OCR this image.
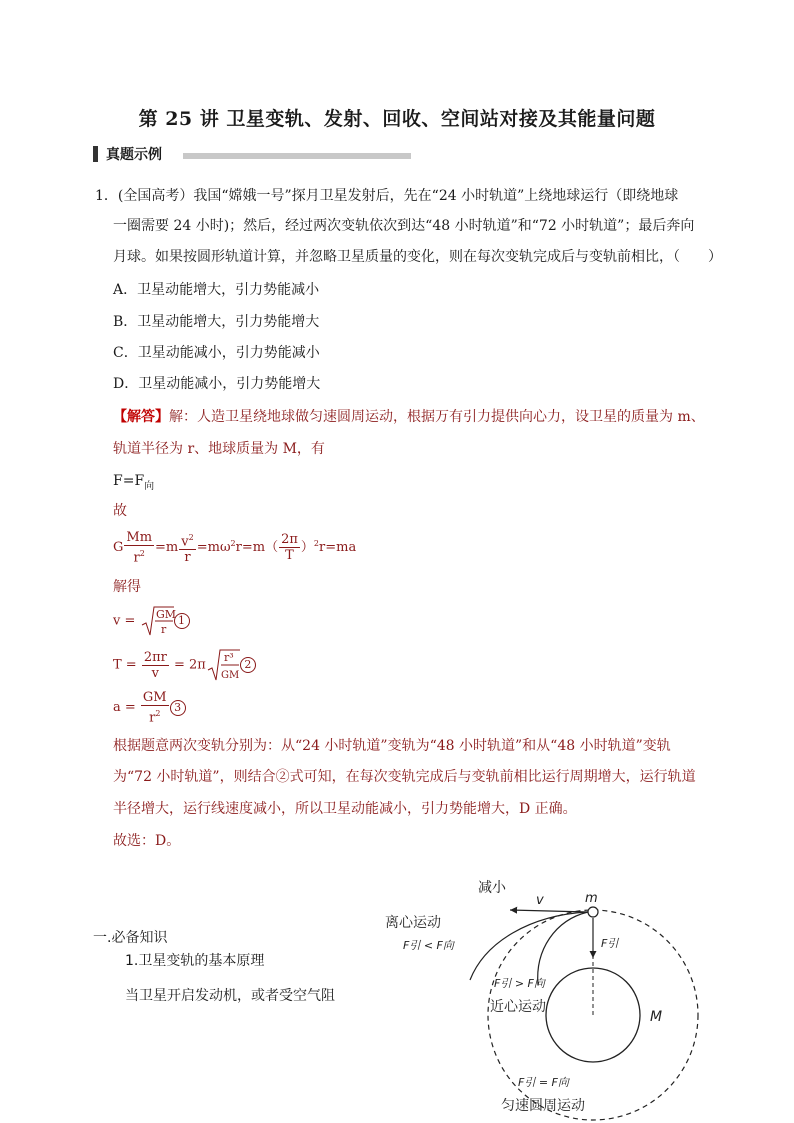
第 25 讲 卫星变轨、发射、回收、空间站对接及其能量问题
真题示例
1．(全国高考）我国“嫦娥一号”探月卫星发射后，先在“24 小时轨道”上绕地球运行（即绕地球
一圈需要 24 小时)；然后，经过两次变轨依次到达“48 小时轨道”和“72 小时轨道”；最后奔向
月球。如果按圆形轨道计算，并忽略卫星质量的变化，则在每次变轨完成后与变轨前相比，（　　）
A．卫星动能增大，引力势能减小
B．卫星动能增大，引力势能增大
C．卫星动能减小，引力势能减小
D．卫星动能减小，引力势能增大
【解答】解：人造卫星绕地球做匀速圆周运动，根据万有引力提供向心力，设卫星的质量为 m、
轨道半径为 r、地球质量为 M，有
$F=F_向$
故
G $\frac{Mm}{r^2} =m \frac{v^2}{r} =m\omega^2r=m( \frac{2\pi}{T} )^2r=ma$
解得
v = GM
r
1
$T = \frac{2\pi r}{v} = 2\pi$ r³
GM
2
$a = \frac{GM}{r^2} 3$
根据题意两次变轨分别为：从“24 小时轨道”变轨为“48 小时轨道”和从“48 小时轨道”变轨
为“72 小时轨道”，则结合②式可知，在每次变轨完成后与变轨前相比运行周期增大，运行轨道
半径增大，运行线速度减小，所以卫星动能减小，引力势能增大，D 正确。
故选：D。
一.必备知识
1.卫星变轨的基本原理
当卫星开启发动机，或者受空气阻
减小
v	m
离心运动
F引 < F向	F引
F引 > F向
近心运动
M
F引 = F向
匀速圆周运动
